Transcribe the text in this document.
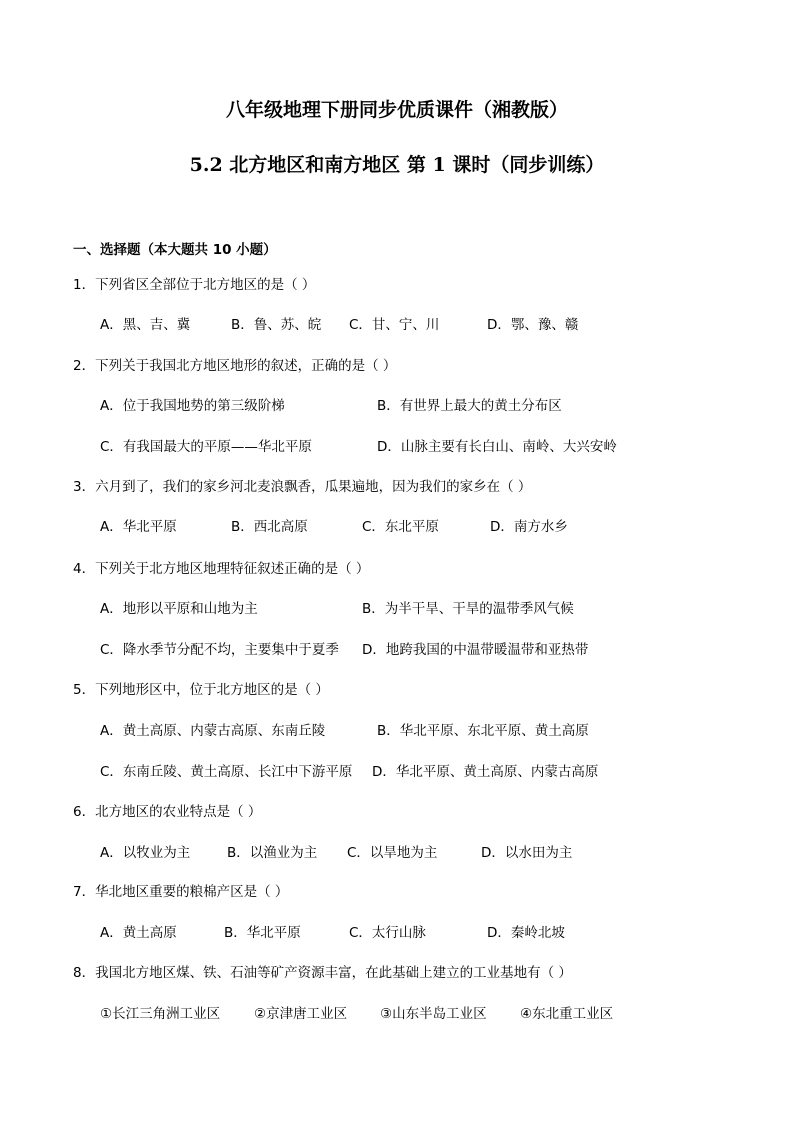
八年级地理下册同步优质课件（湘教版）
5.2 北方地区和南方地区 第 1 课时（同步训练）
一、选择题（本大题共 10 小题）
1．下列省区全部位于北方地区的是（ ）
A．黑、吉、冀	B．鲁、苏、皖 C．甘、宁、川	D．鄂、豫、赣
2．下列关于我国北方地区地形的叙述，正确的是（ ）
A．位于我国地势的第三级阶梯	B．有世界上最大的黄土分布区
C．有我国最大的平原——华北平原	D．山脉主要有长白山、南岭、大兴安岭
3．六月到了，我们的家乡河北麦浪飘香，瓜果遍地，因为我们的家乡在（ ）
A．华北平原	B．西北高原	C．东北平原	D．南方水乡
4．下列关于北方地区地理特征叙述正确的是（ ）
A．地形以平原和山地为主	B．为半干旱、干旱的温带季风气候
C．降水季节分配不均，主要集中于夏季 D．地跨我国的中温带暖温带和亚热带
5．下列地形区中，位于北方地区的是（ ）
A．黄土高原、内蒙古高原、东南丘陵	B．华北平原、东北平原、黄土高原
C．东南丘陵、黄土高原、长江中下游平原 D．华北平原、黄土高原、内蒙古高原
6．北方地区的农业特点是（ ）
A．以牧业为主	B．以渔业为主 C．以旱地为主	D．以水田为主
7．华北地区重要的粮棉产区是（ ）
A．黄土高原	B．华北平原	C．太行山脉	D．秦岭北坡
8．我国北方地区煤、铁、石油等矿产资源丰富，在此基础上建立的工业基地有（ ）
①长江三角洲工业区	②京津唐工业区 ③山东半岛工业区 ④东北重工业区
